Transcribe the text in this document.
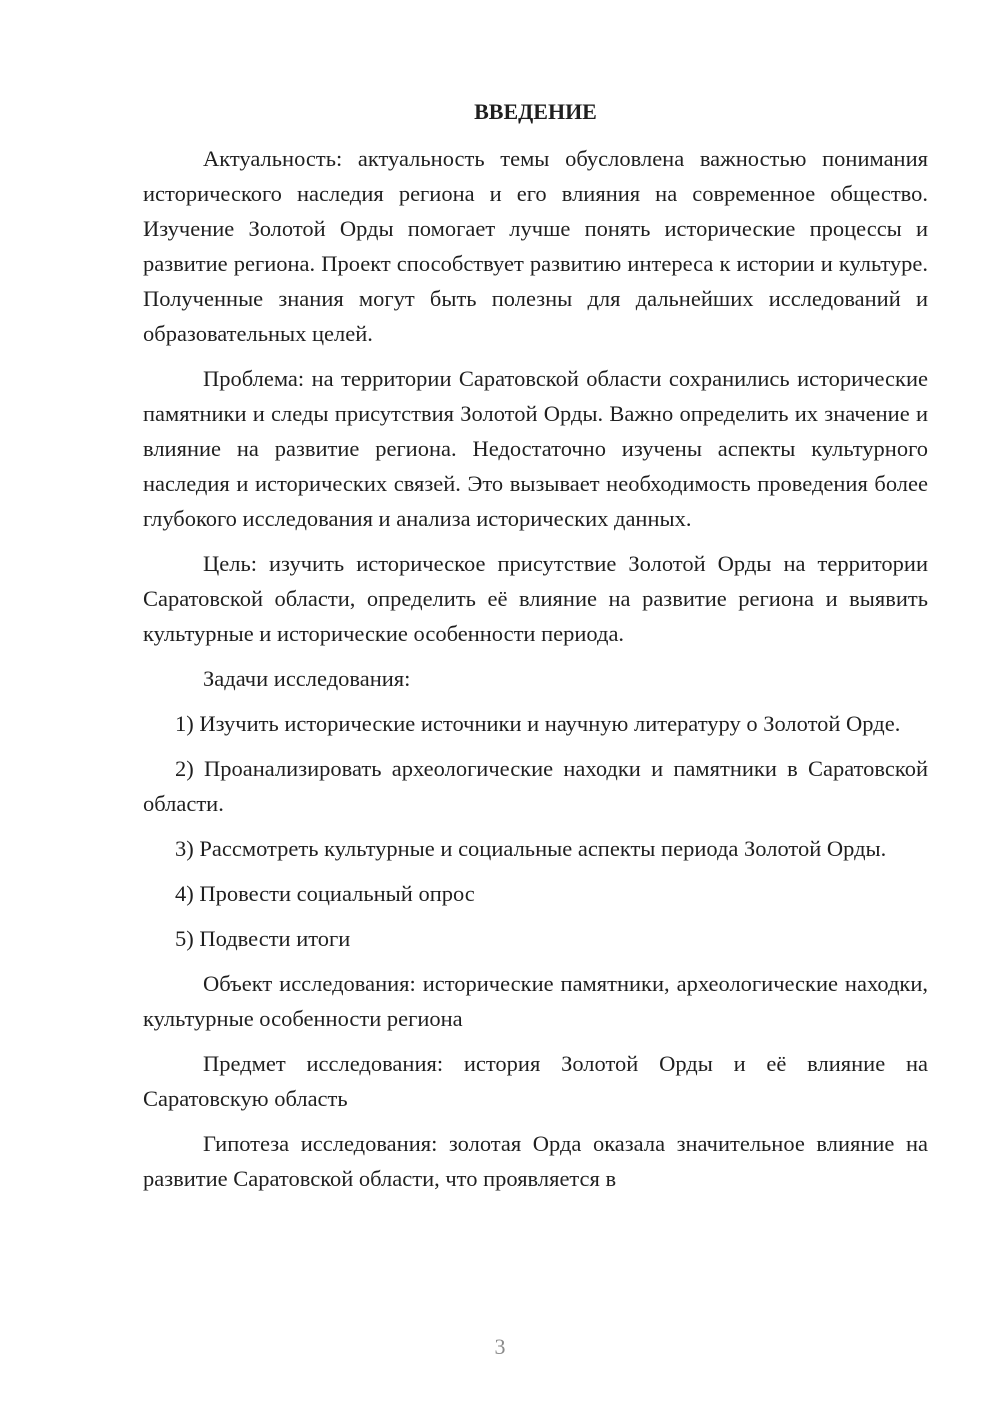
ВВЕДЕНИЕ

Актуальность: актуальность темы обусловлена важностью понимания исторического наследия региона и его влияния на современное общество. Изучение Золотой Орды помогает лучше понять исторические процессы и развитие региона. Проект способствует развитию интереса к истории и культуре. Полученные знания могут быть полезны для дальнейших исследований и образовательных целей.

Проблема: на территории Саратовской области сохранились исторические памятники и следы присутствия Золотой Орды. Важно определить их значение и влияние на развитие региона. Недостаточно изучены аспекты культурного наследия и исторических связей. Это вызывает необходимость проведения более глубокого исследования и анализа исторических данных.

Цель: изучить историческое присутствие Золотой Орды на территории Саратовской области, определить её влияние на развитие региона и выявить культурные и исторические особенности периода.

Задачи исследования:

1) Изучить исторические источники и научную литературу о Золотой Орде.
2) Проанализировать археологические находки и памятники в Саратовской области.
3) Рассмотреть культурные и социальные аспекты периода Золотой Орды.
4) Провести социальный опрос
5) Подвести итоги

Объект исследования: исторические памятники, археологические находки, культурные особенности региона

Предмет исследования: история Золотой Орды и её влияние на Саратовскую область

Гипотеза исследования: золотая Орда оказала значительное влияние на развитие Саратовской области, что проявляется в

3
